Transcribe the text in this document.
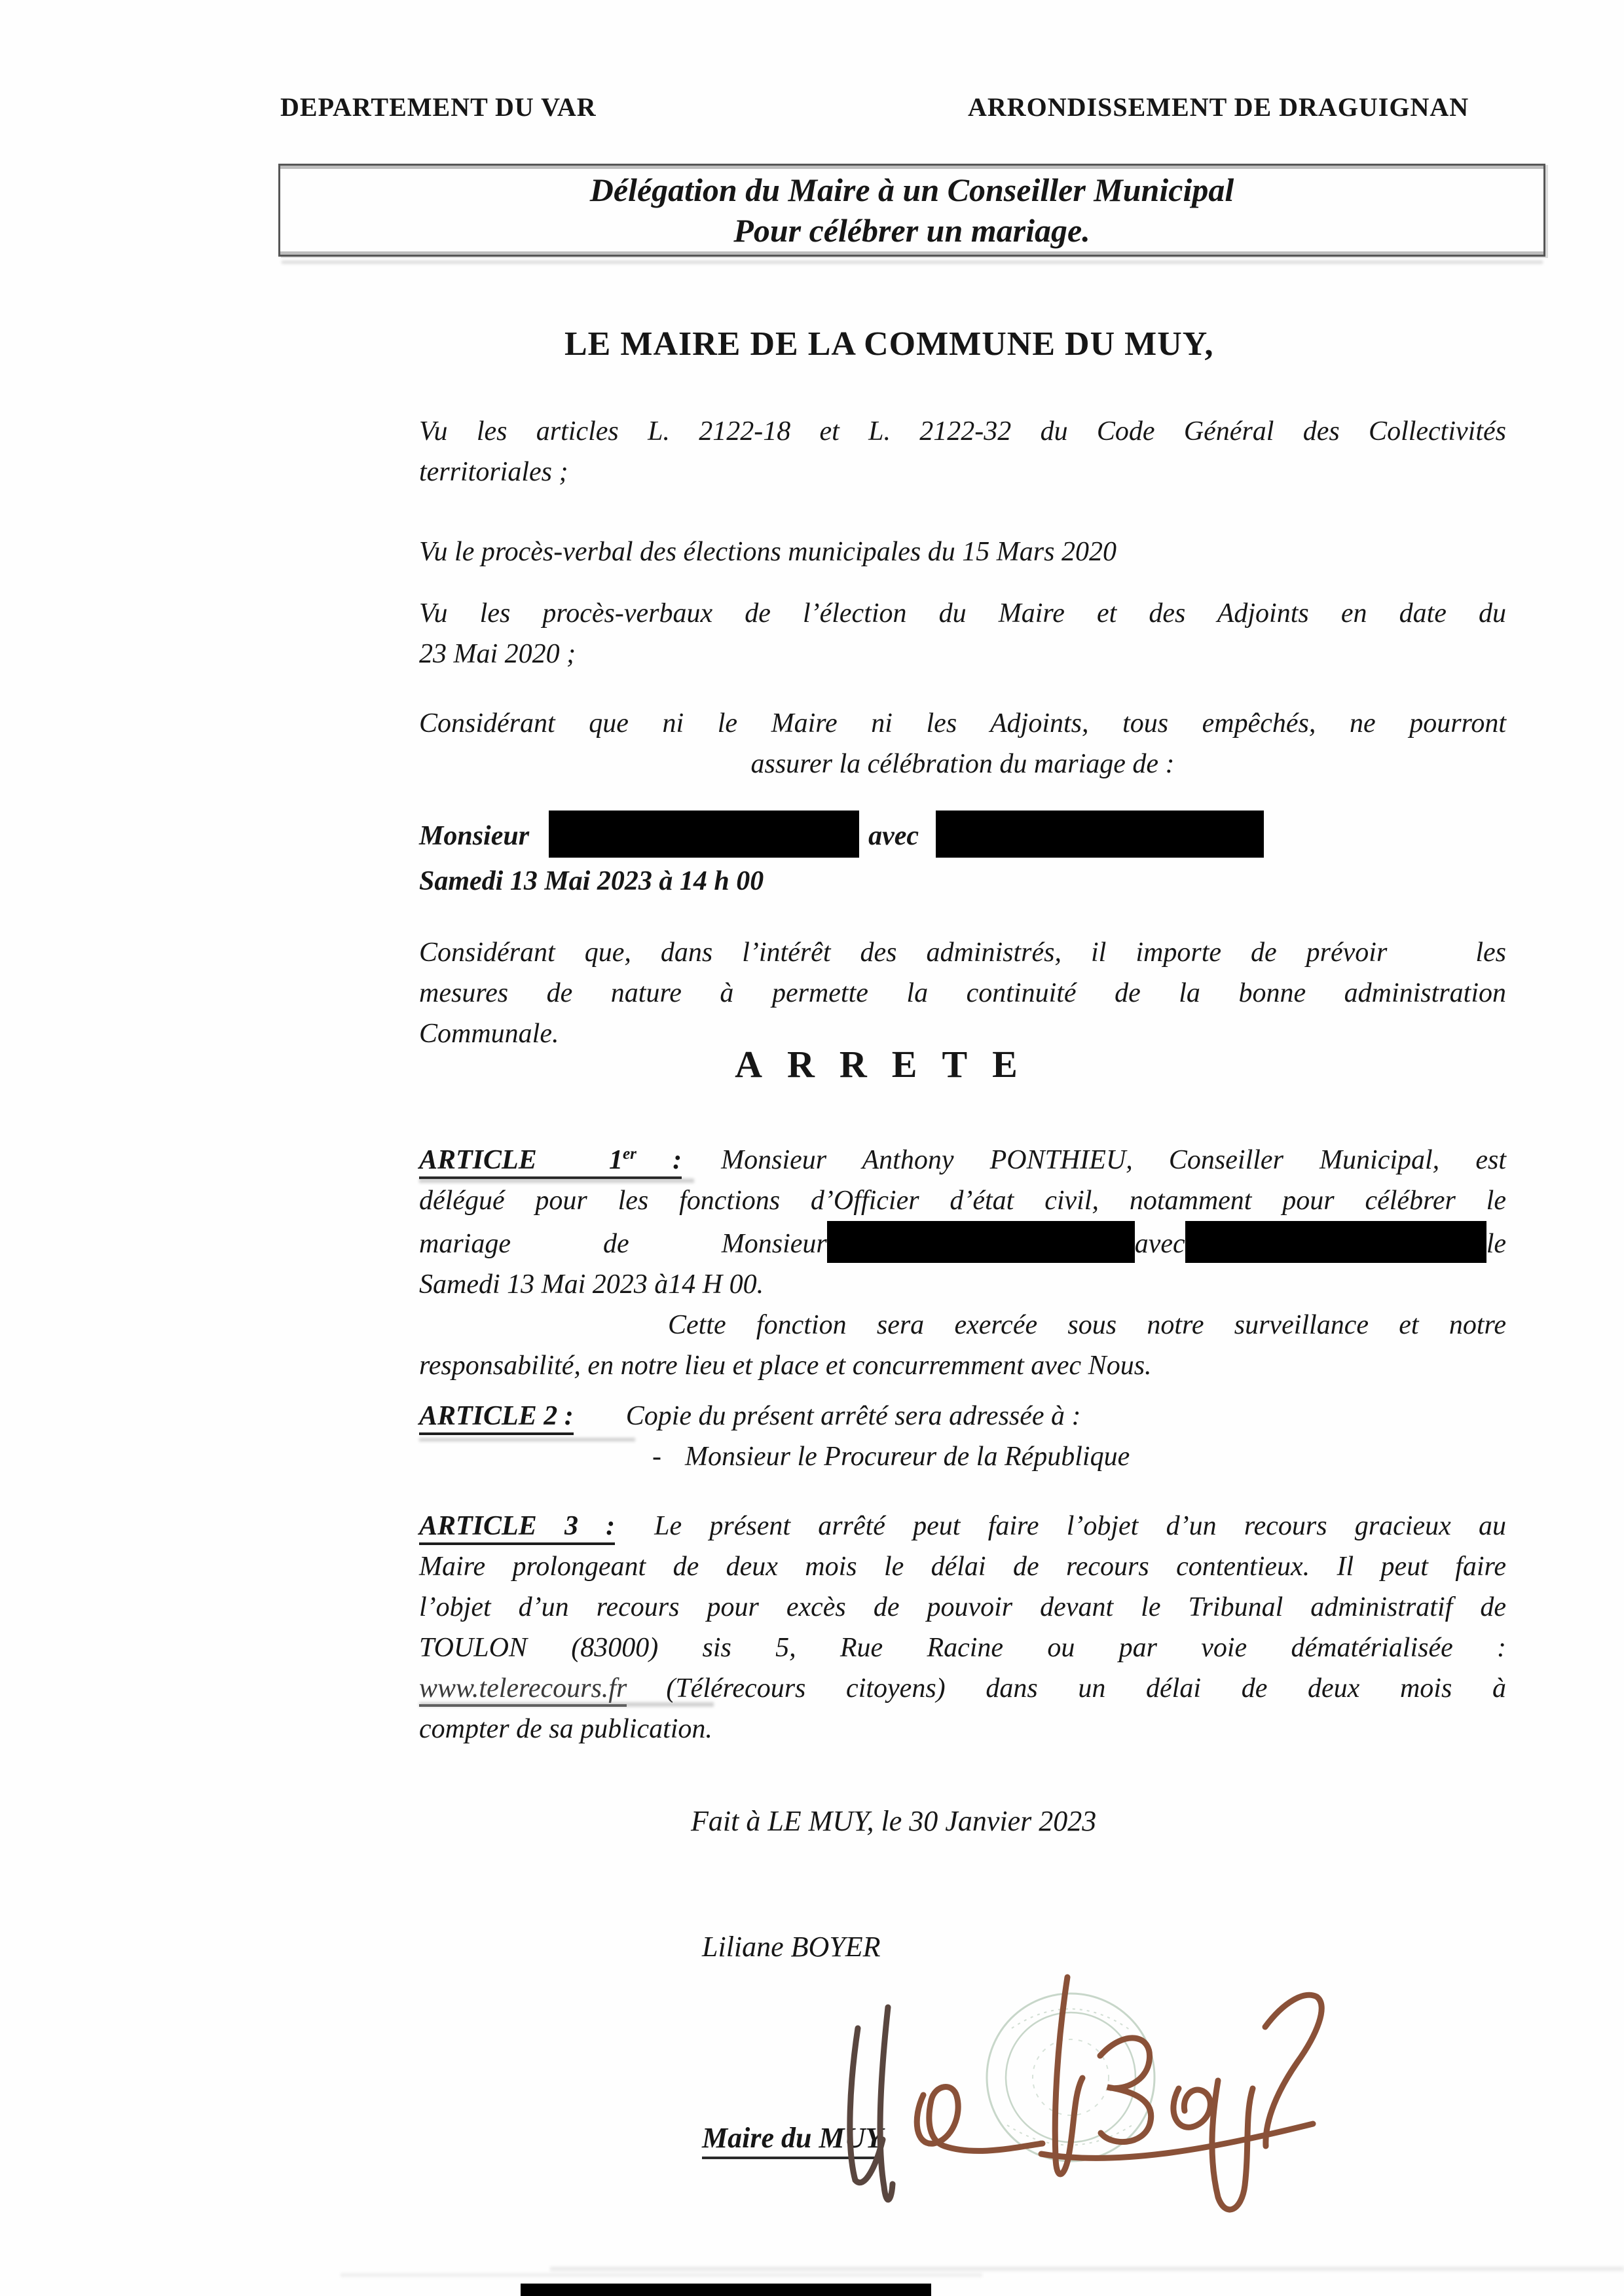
DEPARTEMENT DU VAR	ARRONDISSEMENT DE DRAGUIGNAN
Délégation du Maire à un Conseiller Municipal
Pour célébrer un mariage.
LE MAIRE DE LA COMMUNE DU MUY,
Vu les articles L. 2122-18 et L. 2122-32 du Code Général des Collectivités
territoriales ;
Vu le procès-verbal des élections municipales du 15 Mars 2020
Vu les procès-verbaux de l’élection du Maire et des Adjoints en date du
23 Mai 2020 ;
Considérant que ni le Maire ni les Adjoints, tous empêchés, ne pourront
assurer la célébration du mariage de :
Monsieur	avec
Samedi 13 Mai 2023 à 14 h 00
Considérant que, dans l’intérêt des administrés, il importe de prévoir   les
mesures de nature à permette la continuité de la bonne administration
Communale.
ARRETE
ARTICLE  1er : Monsieur Anthony PONTHIEU, Conseiller Municipal, est
délégué pour les fonctions d’Officier d’état civil, notamment pour célébrer le
mariage de Monsieur	avec	le
Samedi 13 Mai 2023 à14 H 00.
Cette fonction sera exercée sous notre surveillance et notre
responsabilité, en notre lieu et place et concurremment avec Nous.
ARTICLE 2 : Copie du présent arrêté sera adressée à :
- Monsieur le Procureur de la République
ARTICLE 3 : Le présent arrêté peut faire l’objet d’un recours gracieux au
Maire prolongeant de deux mois le délai de recours contentieux. Il peut faire
l’objet d’un recours pour excès de pouvoir devant le Tribunal administratif de
TOULON (83000) sis 5, Rue Racine ou par voie dématérialisée :
www.telerecours.fr (Télérecours citoyens) dans un délai de deux mois à
compter de sa publication.
Fait à LE MUY, le 30 Janvier 2023
Liliane BOYER
Maire du MUY
